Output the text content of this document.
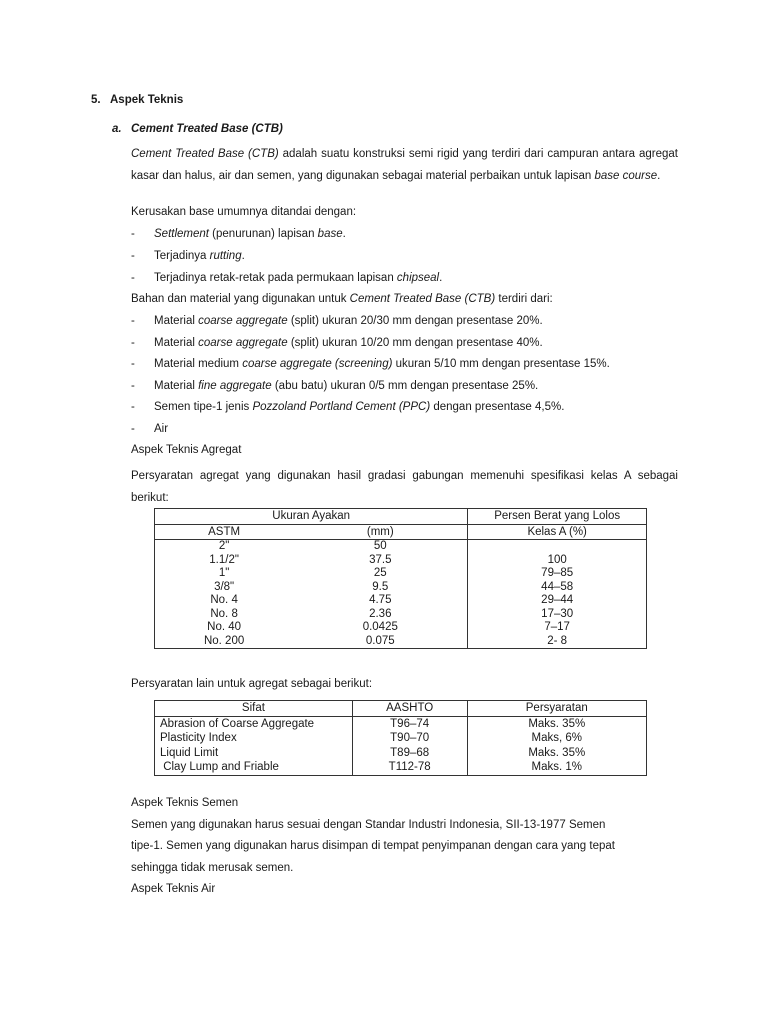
5. Aspek Teknis
a. Cement Treated Base (CTB)
Cement Treated Base (CTB) adalah suatu konstruksi semi rigid yang terdiri dari campuran antara agregat kasar dan halus, air dan semen, yang digunakan sebagai material perbaikan untuk lapisan base course.
Kerusakan base umumnya ditandai dengan:
- Settlement (penurunan) lapisan base.
- Terjadinya rutting.
- Terjadinya retak-retak pada permukaan lapisan chipseal.
Bahan dan material yang digunakan untuk Cement Treated Base (CTB) terdiri dari:
- Material coarse aggregate (split) ukuran 20/30 mm dengan presentase 20%.
- Material coarse aggregate (split) ukuran 10/20 mm dengan presentase 40%.
- Material medium coarse aggregate (screening) ukuran 5/10 mm dengan presentase 15%.
- Material fine aggregate (abu batu) ukuran 0/5 mm dengan presentase 25%.
- Semen tipe-1 jenis Pozzoland Portland Cement (PPC) dengan presentase 4,5%.
- Air
Aspek Teknis Agregat
Persyaratan agregat yang digunakan hasil gradasi gabungan memenuhi spesifikasi kelas A sebagai berikut:
Ukuran Ayakan		Persen Berat yang Lolos
ASTM	(mm)	Kelas A (%)
2"	50	
1.1/2"	37.5	100
1"	25	79–85
3/8"	9.5	44–58
No. 4	4.75	29–44
No. 8	2.36	17–30
No. 40	0.0425	7–17
No. 200	0.075	2- 8
Persyaratan lain untuk agregat sebagai berikut:
Sifat	AASHTO	Persyaratan
Abrasion of Coarse Aggregate	T96–74	Maks. 35%
Plasticity Index	T90–70	Maks, 6%
Liquid Limit	T89–68	Maks. 35%
Clay Lump and Friable	T112-78	Maks. 1%
Aspek Teknis Semen
Semen yang digunakan harus sesuai dengan Standar Industri Indonesia, SII-13-1977 Semen
tipe-1. Semen yang digunakan harus disimpan di tempat penyimpanan dengan cara yang tepat
sehingga tidak merusak semen.
Aspek Teknis Air
